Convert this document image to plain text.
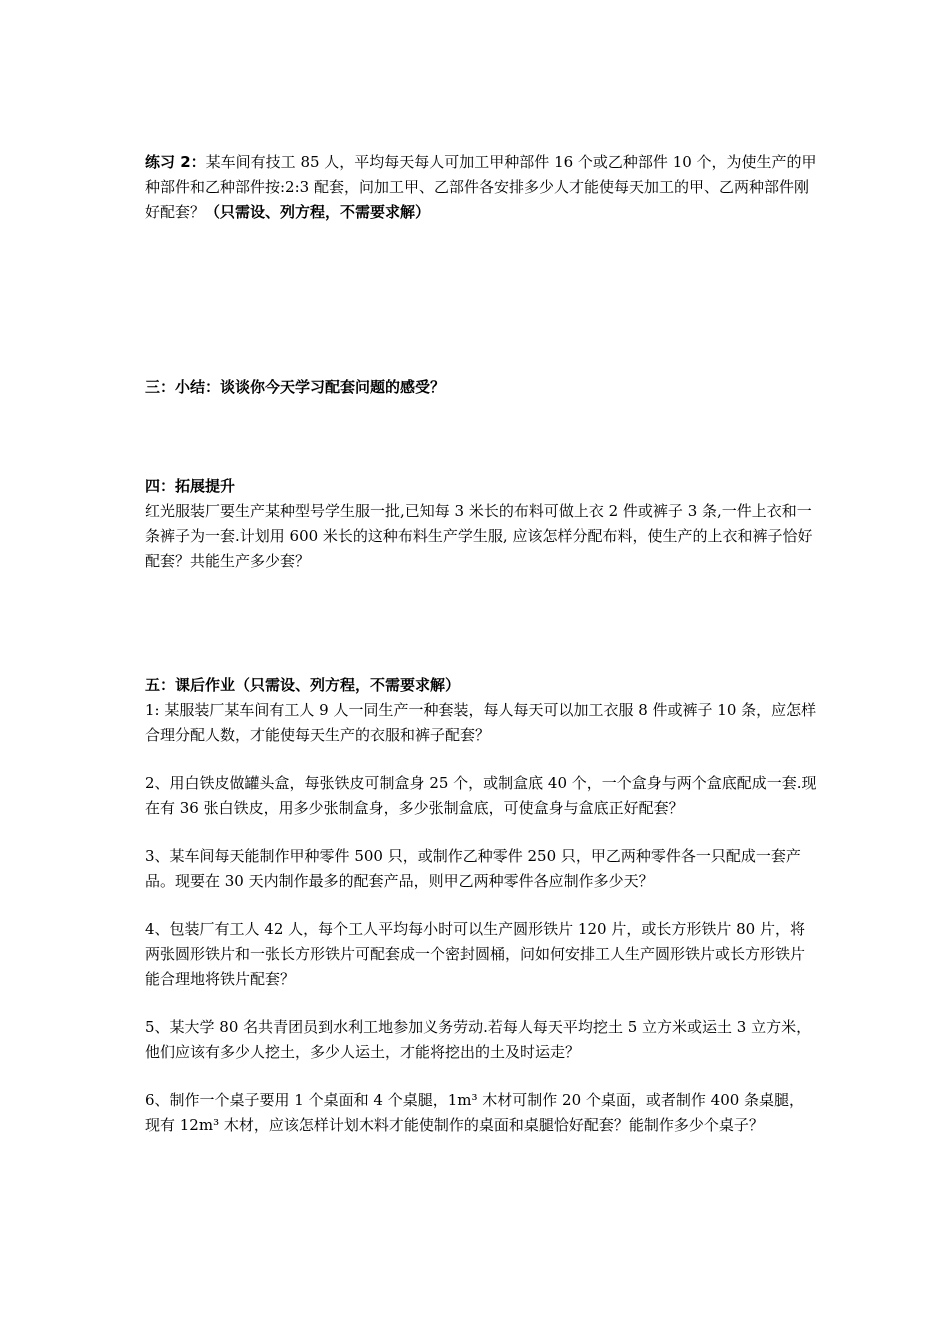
练习 2：某车间有技工 85 人，平均每天每人可加工甲种部件 16 个或乙种部件 10 个，为使生产的甲种部件和乙种部件按:2:3 配套，问加工甲、乙部件各安排多少人才能使每天加工的甲、乙两种部件刚好配套？（只需设、列方程，不需要求解）

三：小结：谈谈你今天学习配套问题的感受？

四：拓展提升

红光服装厂要生产某种型号学生服一批,已知每 3 米长的布料可做上衣 2 件或裤子 3 条,一件上衣和一条裤子为一套.计划用 600 米长的这种布料生产学生服, 应该怎样分配布料，使生产的上衣和裤子恰好配套？共能生产多少套？

五：课后作业（只需设、列方程，不需要求解）

1: 某服装厂某车间有工人 9 人一同生产一种套装，每人每天可以加工衣服 8 件或裤子 10 条，应怎样合理分配人数，才能使每天生产的衣服和裤子配套？

2、用白铁皮做罐头盒，每张铁皮可制盒身 25 个，或制盒底 40 个，一个盒身与两个盒底配成一套.现在有 36 张白铁皮，用多少张制盒身，多少张制盒底，可使盒身与盒底正好配套？

3、某车间每天能制作甲种零件 500 只，或制作乙种零件 250 只，甲乙两种零件各一只配成一套产品。现要在 30 天内制作最多的配套产品，则甲乙两种零件各应制作多少天？

4、包装厂有工人 42 人，每个工人平均每小时可以生产圆形铁片 120 片，或长方形铁片 80 片，将两张圆形铁片和一张长方形铁片可配套成一个密封圆桶，问如何安排工人生产圆形铁片或长方形铁片能合理地将铁片配套？

5、某大学 80 名共青团员到水利工地参加义务劳动.若每人每天平均挖土 5 立方米或运土 3 立方米，他们应该有多少人挖土，多少人运土，才能将挖出的土及时运走？

6、制作一个桌子要用 1 个桌面和 4 个桌腿，1m³ 木材可制作 20 个桌面，或者制作 400 条桌腿，现有 12m³ 木材，应该怎样计划木料才能使制作的桌面和桌腿恰好配套？能制作多少个桌子？
